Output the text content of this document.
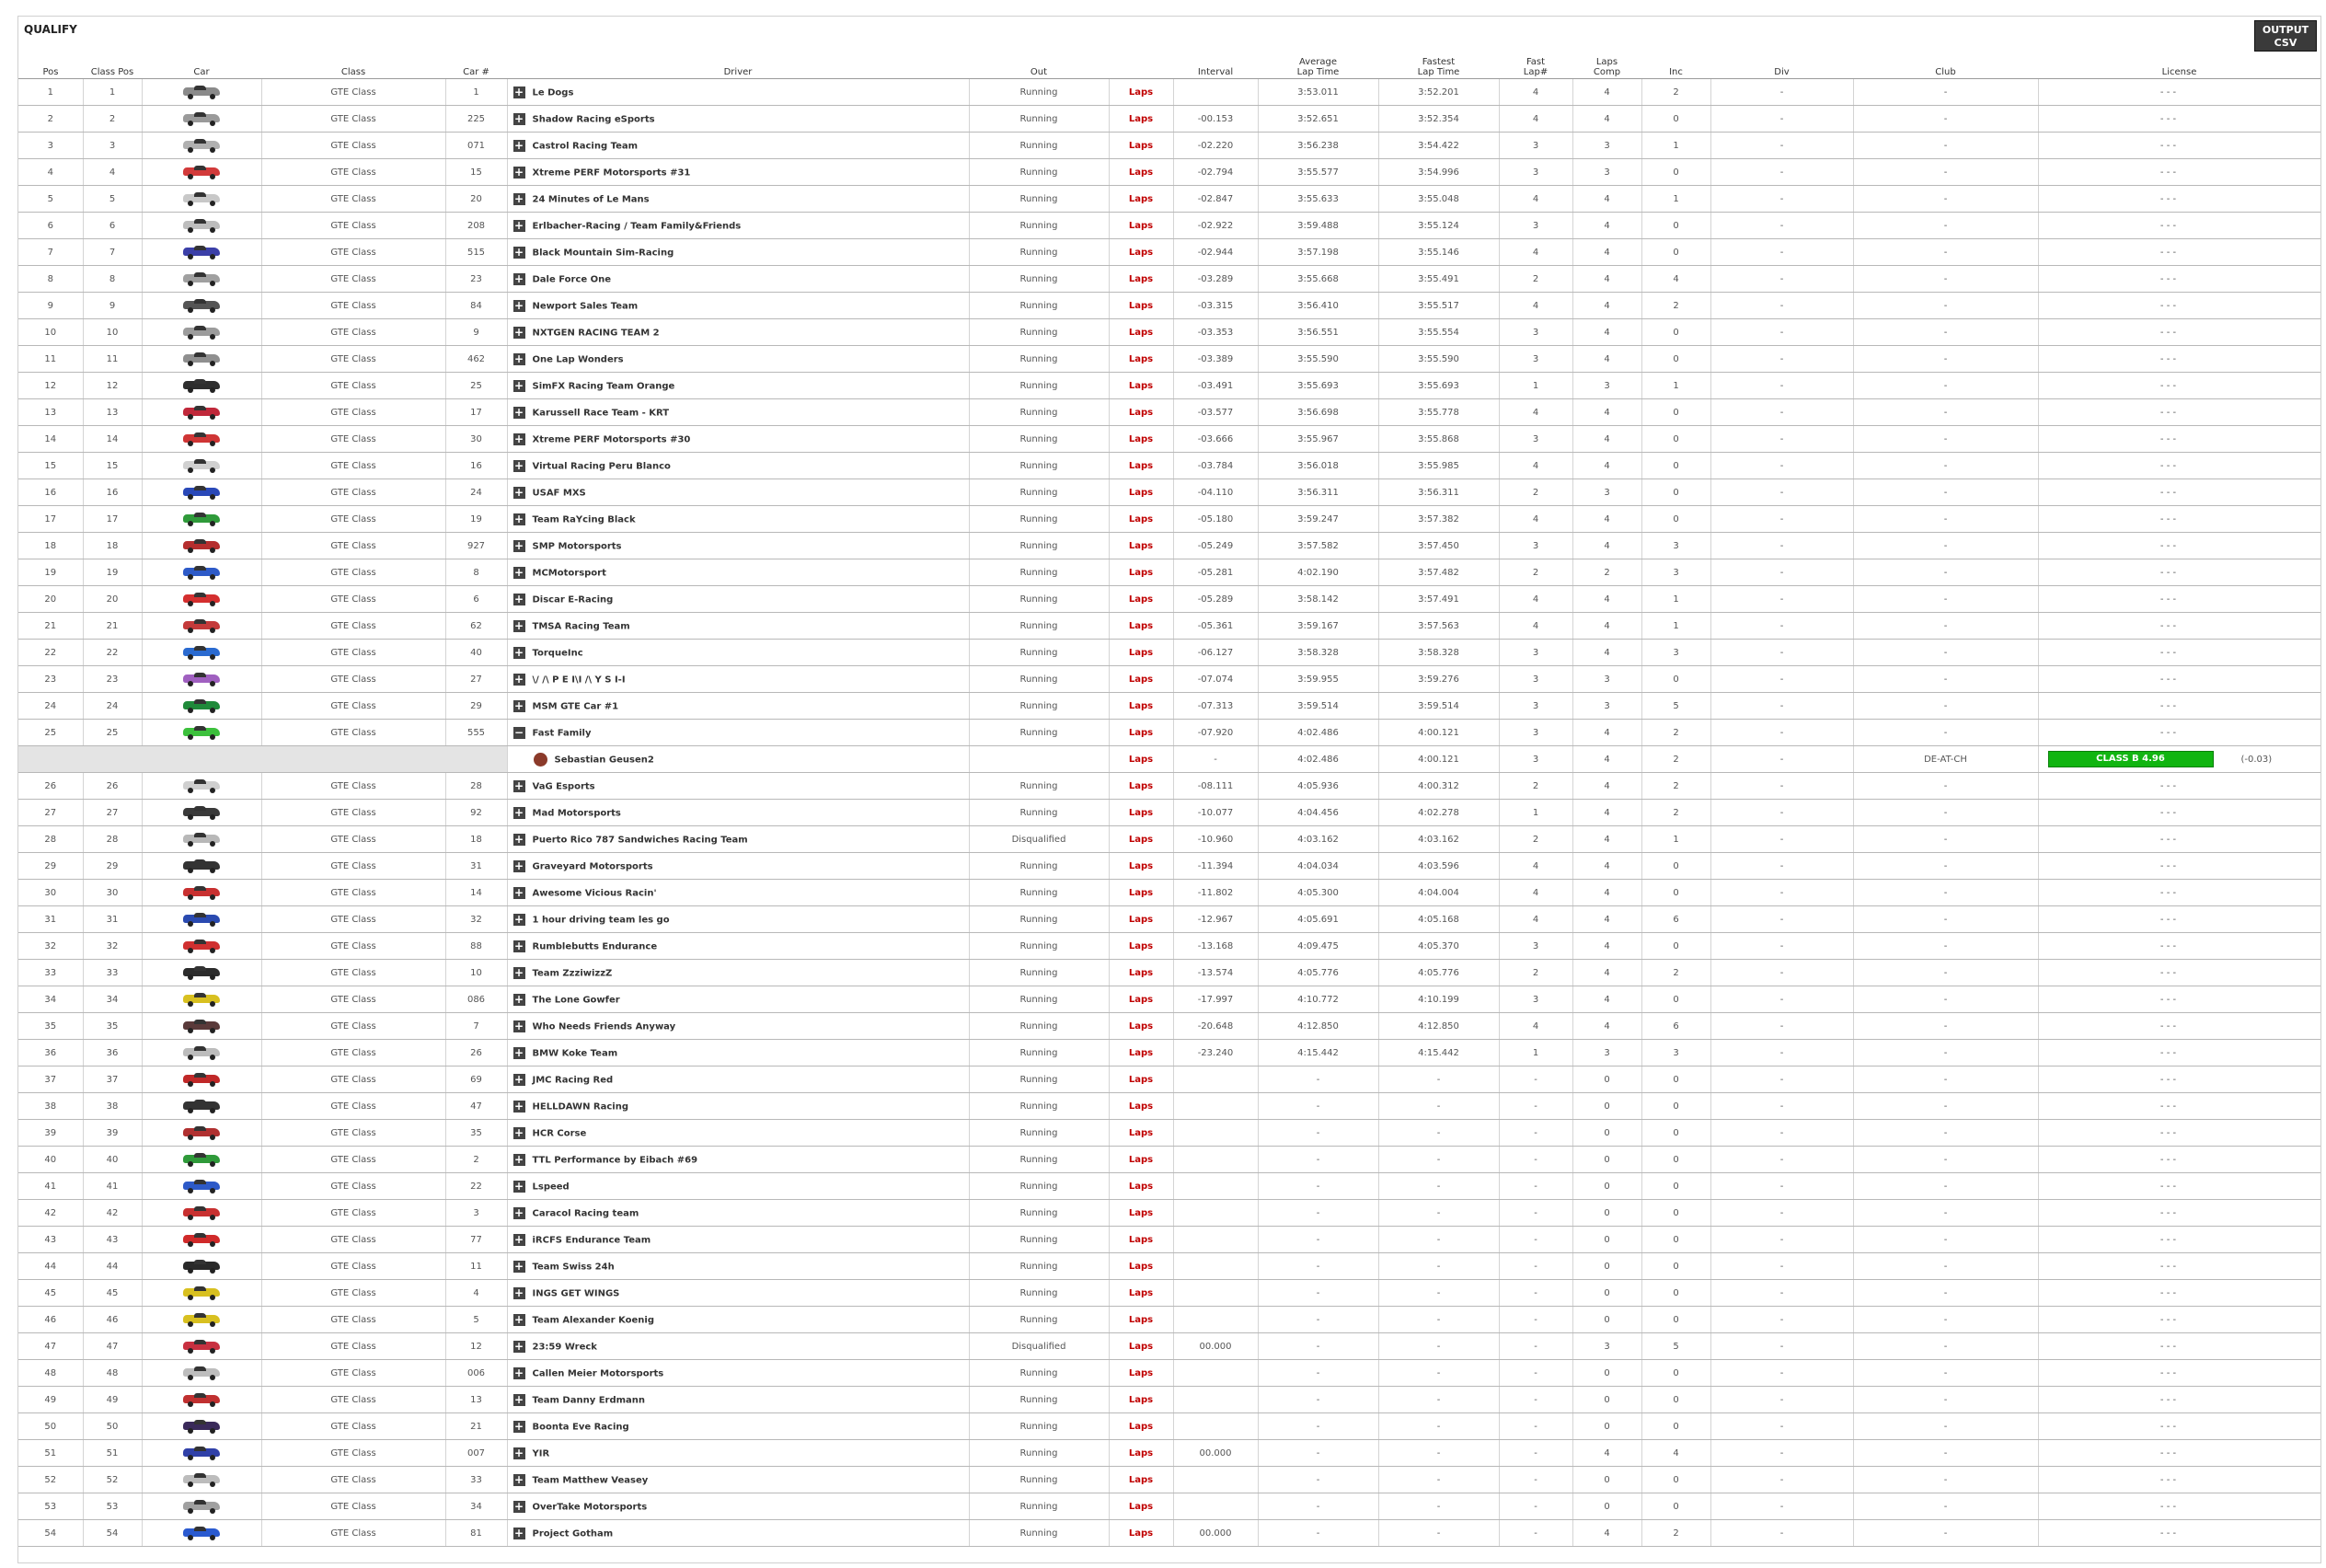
QUALIFY	OUTPUT
CSV
Pos	Class Pos	Car	Class	Car #	Driver	Out		Interval	Average
Lap Time	Fastest
Lap Time	Fast
Lap#	Laps
Comp	Inc	Div	Club	License
1	1		GTE Class	1	+ Le Dogs	Running	Laps		3:53.011	3:52.201	4	4	2	-	-	- - -
2	2		GTE Class	225	+ Shadow Racing eSports	Running	Laps	-00.153	3:52.651	3:52.354	4	4	0	-	-	- - -
3	3		GTE Class	071	+ Castrol Racing Team	Running	Laps	-02.220	3:56.238	3:54.422	3	3	1	-	-	- - -
4	4		GTE Class	15	+ Xtreme PERF Motorsports #31	Running	Laps	-02.794	3:55.577	3:54.996	3	3	0	-	-	- - -
5	5		GTE Class	20	+ 24 Minutes of Le Mans	Running	Laps	-02.847	3:55.633	3:55.048	4	4	1	-	-	- - -
6	6		GTE Class	208	+ Erlbacher-Racing / Team Family&Friends	Running	Laps	-02.922	3:59.488	3:55.124	3	4	0	-	-	- - -
7	7		GTE Class	515	+ Black Mountain Sim-Racing	Running	Laps	-02.944	3:57.198	3:55.146	4	4	0	-	-	- - -
8	8		GTE Class	23	+ Dale Force One	Running	Laps	-03.289	3:55.668	3:55.491	2	4	4	-	-	- - -
9	9		GTE Class	84	+ Newport Sales Team	Running	Laps	-03.315	3:56.410	3:55.517	4	4	2	-	-	- - -
10	10		GTE Class	9	+ NXTGEN RACING TEAM 2	Running	Laps	-03.353	3:56.551	3:55.554	3	4	0	-	-	- - -
11	11		GTE Class	462	+ One Lap Wonders	Running	Laps	-03.389	3:55.590	3:55.590	3	4	0	-	-	- - -
12	12		GTE Class	25	+ SimFX Racing Team Orange	Running	Laps	-03.491	3:55.693	3:55.693	1	3	1	-	-	- - -
13	13		GTE Class	17	+ Karussell Race Team - KRT	Running	Laps	-03.577	3:56.698	3:55.778	4	4	0	-	-	- - -
14	14		GTE Class	30	+ Xtreme PERF Motorsports #30	Running	Laps	-03.666	3:55.967	3:55.868	3	4	0	-	-	- - -
15	15		GTE Class	16	+ Virtual Racing Peru Blanco	Running	Laps	-03.784	3:56.018	3:55.985	4	4	0	-	-	- - -
16	16		GTE Class	24	+ USAF MXS	Running	Laps	-04.110	3:56.311	3:56.311	2	3	0	-	-	- - -
17	17		GTE Class	19	+ Team RaYcing Black	Running	Laps	-05.180	3:59.247	3:57.382	4	4	0	-	-	- - -
18	18		GTE Class	927	+ SMP Motorsports	Running	Laps	-05.249	3:57.582	3:57.450	3	4	3	-	-	- - -
19	19		GTE Class	8	+ MCMotorsport	Running	Laps	-05.281	4:02.190	3:57.482	2	2	3	-	-	- - -
20	20		GTE Class	6	+ Discar E-Racing	Running	Laps	-05.289	3:58.142	3:57.491	4	4	1	-	-	- - -
21	21		GTE Class	62	+ TMSA Racing Team	Running	Laps	-05.361	3:59.167	3:57.563	4	4	1	-	-	- - -
22	22		GTE Class	40	+ TorqueInc	Running	Laps	-06.127	3:58.328	3:58.328	3	4	3	-	-	- - -
23	23		GTE Class	27	+ \/ /\ P E I\I /\ Y S I-I	Running	Laps	-07.074	3:59.955	3:59.276	3	3	0	-	-	- - -
24	24		GTE Class	29	+ MSM GTE Car #1	Running	Laps	-07.313	3:59.514	3:59.514	3	3	5	-	-	- - -
25	25		GTE Class	555	− Fast Family	Running	Laps	-07.920	4:02.486	4:00.121	3	4	2	-	-	- - -
					Sebastian Geusen2		Laps	-	4:02.486	4:00.121	3	4	2	-	DE-AT-CH	CLASS B 4.96 (-0.03)
26	26		GTE Class	28	+ VaG Esports	Running	Laps	-08.111	4:05.936	4:00.312	2	4	2	-	-	- - -
27	27		GTE Class	92	+ Mad Motorsports	Running	Laps	-10.077	4:04.456	4:02.278	1	4	2	-	-	- - -
28	28		GTE Class	18	+ Puerto Rico 787 Sandwiches Racing Team	Disqualified	Laps	-10.960	4:03.162	4:03.162	2	4	1	-	-	- - -
29	29		GTE Class	31	+ Graveyard Motorsports	Running	Laps	-11.394	4:04.034	4:03.596	4	4	0	-	-	- - -
30	30		GTE Class	14	+ Awesome Vicious Racin'	Running	Laps	-11.802	4:05.300	4:04.004	4	4	0	-	-	- - -
31	31		GTE Class	32	+ 1 hour driving team les go	Running	Laps	-12.967	4:05.691	4:05.168	4	4	6	-	-	- - -
32	32		GTE Class	88	+ Rumblebutts Endurance	Running	Laps	-13.168	4:09.475	4:05.370	3	4	0	-	-	- - -
33	33		GTE Class	10	+ Team ZzziwizzZ	Running	Laps	-13.574	4:05.776	4:05.776	2	4	2	-	-	- - -
34	34		GTE Class	086	+ The Lone Gowfer	Running	Laps	-17.997	4:10.772	4:10.199	3	4	0	-	-	- - -
35	35		GTE Class	7	+ Who Needs Friends Anyway	Running	Laps	-20.648	4:12.850	4:12.850	4	4	6	-	-	- - -
36	36		GTE Class	26	+ BMW Koke Team	Running	Laps	-23.240	4:15.442	4:15.442	1	3	3	-	-	- - -
37	37		GTE Class	69	+ JMC Racing Red	Running	Laps		-	-	-	0	0	-	-	- - -
38	38		GTE Class	47	+ HELLDAWN Racing	Running	Laps		-	-	-	0	0	-	-	- - -
39	39		GTE Class	35	+ HCR Corse	Running	Laps		-	-	-	0	0	-	-	- - -
40	40		GTE Class	2	+ TTL Performance by Eibach #69	Running	Laps		-	-	-	0	0	-	-	- - -
41	41		GTE Class	22	+ Lspeed	Running	Laps		-	-	-	0	0	-	-	- - -
42	42		GTE Class	3	+ Caracol Racing team	Running	Laps		-	-	-	0	0	-	-	- - -
43	43		GTE Class	77	+ iRCFS Endurance Team	Running	Laps		-	-	-	0	0	-	-	- - -
44	44		GTE Class	11	+ Team Swiss 24h	Running	Laps		-	-	-	0	0	-	-	- - -
45	45		GTE Class	4	+ INGS GET WINGS	Running	Laps		-	-	-	0	0	-	-	- - -
46	46		GTE Class	5	+ Team Alexander Koenig	Running	Laps		-	-	-	0	0	-	-	- - -
47	47		GTE Class	12	+ 23:59 Wreck	Disqualified	Laps	00.000	-	-	-	3	5	-	-	- - -
48	48		GTE Class	006	+ Callen Meier Motorsports	Running	Laps		-	-	-	0	0	-	-	- - -
49	49		GTE Class	13	+ Team Danny Erdmann	Running	Laps		-	-	-	0	0	-	-	- - -
50	50		GTE Class	21	+ Boonta Eve Racing	Running	Laps		-	-	-	0	0	-	-	- - -
51	51		GTE Class	007	+ YIR	Running	Laps	00.000	-	-	-	4	4	-	-	- - -
52	52		GTE Class	33	+ Team Matthew Veasey	Running	Laps		-	-	-	0	0	-	-	- - -
53	53		GTE Class	34	+ OverTake Motorsports	Running	Laps		-	-	-	0	0	-	-	- - -
54	54		GTE Class	81	+ Project Gotham	Running	Laps	00.000	-	-	-	4	2	-	-	- - -
